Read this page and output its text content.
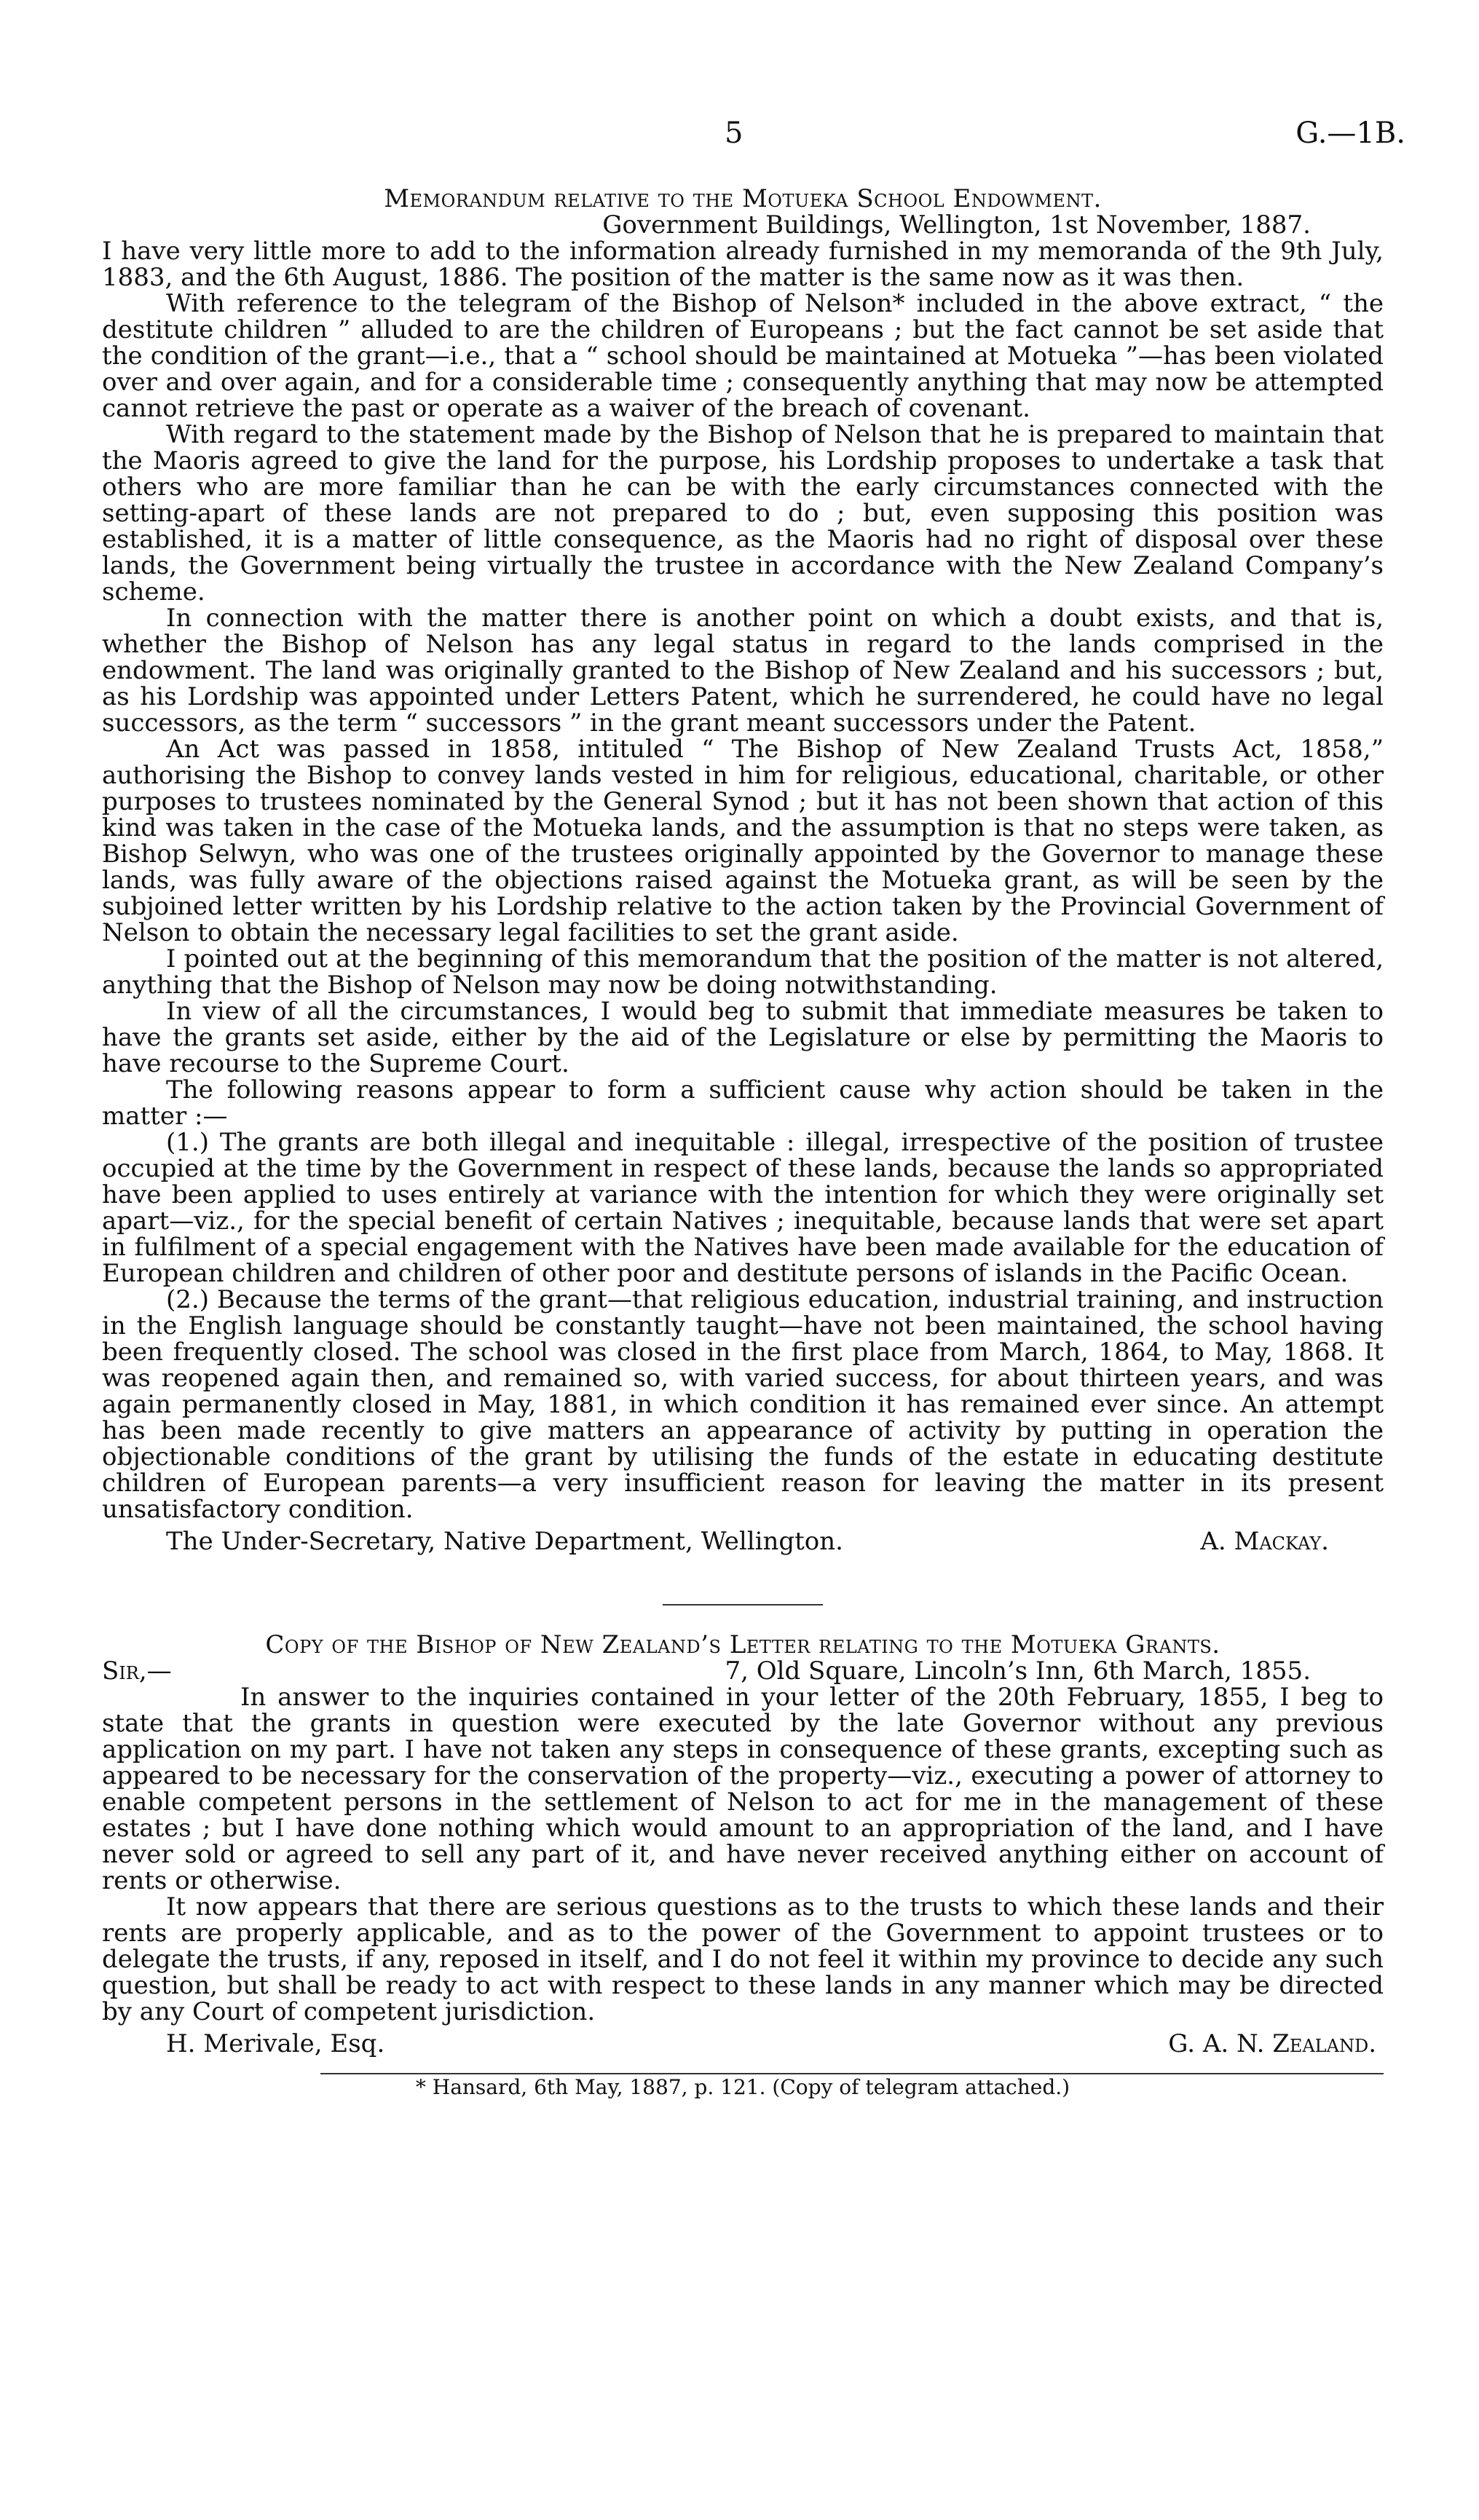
5	G.—1B.

Memorandum relative to the Motueka School Endowment.

Government Buildings, Wellington, 1st November, 1887.

I have very little more to add to the information already furnished in my memoranda of the 9th July, 1883, and the 6th August, 1886. The position of the matter is the same now as it was then.

With reference to the telegram of the Bishop of Nelson* included in the above extract, “ the destitute children ” alluded to are the children of Europeans ; but the fact cannot be set aside that the condition of the grant—i.e., that a “ school should be maintained at Motueka ”—has been violated over and over again, and for a considerable time ; consequently anything that may now be attempted cannot retrieve the past or operate as a waiver of the breach of covenant.

With regard to the statement made by the Bishop of Nelson that he is prepared to maintain that the Maoris agreed to give the land for the purpose, his Lordship proposes to undertake a task that others who are more familiar than he can be with the early circumstances connected with the setting-apart of these lands are not prepared to do ; but, even supposing this position was established, it is a matter of little consequence, as the Maoris had no right of disposal over these lands, the Government being virtually the trustee in accordance with the New Zealand Company’s scheme.

In connection with the matter there is another point on which a doubt exists, and that is, whether the Bishop of Nelson has any legal status in regard to the lands comprised in the endowment. The land was originally granted to the Bishop of New Zealand and his successors ; but, as his Lordship was appointed under Letters Patent, which he surrendered, he could have no legal successors, as the term “ successors ” in the grant meant successors under the Patent.

An Act was passed in 1858, intituled “ The Bishop of New Zealand Trusts Act, 1858,” authorising the Bishop to convey lands vested in him for religious, educational, charitable, or other purposes to trustees nominated by the General Synod ; but it has not been shown that action of this kind was taken in the case of the Motueka lands, and the assumption is that no steps were taken, as Bishop Selwyn, who was one of the trustees originally appointed by the Governor to manage these lands, was fully aware of the objections raised against the Motueka grant, as will be seen by the subjoined letter written by his Lordship relative to the action taken by the Provincial Government of Nelson to obtain the necessary legal facilities to set the grant aside.

I pointed out at the beginning of this memorandum that the position of the matter is not altered, anything that the Bishop of Nelson may now be doing notwithstanding.

In view of all the circumstances, I would beg to submit that immediate measures be taken to have the grants set aside, either by the aid of the Legislature or else by permitting the Maoris to have recourse to the Supreme Court.

The following reasons appear to form a sufficient cause why action should be taken in the matter :—

(1.) The grants are both illegal and inequitable : illegal, irrespective of the position of trustee occupied at the time by the Government in respect of these lands, because the lands so appropriated have been applied to uses entirely at variance with the intention for which they were originally set apart—viz., for the special benefit of certain Natives ; inequitable, because lands that were set apart in fulfilment of a special engagement with the Natives have been made available for the education of European children and children of other poor and destitute persons of islands in the Pacific Ocean.

(2.) Because the terms of the grant—that religious education, industrial training, and instruction in the English language should be constantly taught—have not been maintained, the school having been frequently closed. The school was closed in the first place from March, 1864, to May, 1868. It was reopened again then, and remained so, with varied success, for about thirteen years, and was again permanently closed in May, 1881, in which condition it has remained ever since. An attempt has been made recently to give matters an appearance of activity by putting in operation the objectionable conditions of the grant by utilising the funds of the estate in educating destitute children of European parents—a very insufficient reason for leaving the matter in its present unsatisfactory condition.

The Under-Secretary, Native Department, Wellington.	A. Mackay.

Copy of the Bishop of New Zealand’s Letter relating to the Motueka Grants.

Sir,—	7, Old Square, Lincoln’s Inn, 6th March, 1855.

In answer to the inquiries contained in your letter of the 20th February, 1855, I beg to state that the grants in question were executed by the late Governor without any previous application on my part. I have not taken any steps in consequence of these grants, excepting such as appeared to be necessary for the conservation of the property—viz., executing a power of attorney to enable competent persons in the settlement of Nelson to act for me in the management of these estates ; but I have done nothing which would amount to an appropriation of the land, and I have never sold or agreed to sell any part of it, and have never received anything either on account of rents or otherwise.

It now appears that there are serious questions as to the trusts to which these lands and their rents are properly applicable, and as to the power of the Government to appoint trustees or to delegate the trusts, if any, reposed in itself, and I do not feel it within my province to decide any such question, but shall be ready to act with respect to these lands in any manner which may be directed by any Court of competent jurisdiction.

H. Merivale, Esq.	G. A. N. Zealand.

* Hansard, 6th May, 1887, p. 121. (Copy of telegram attached.)
